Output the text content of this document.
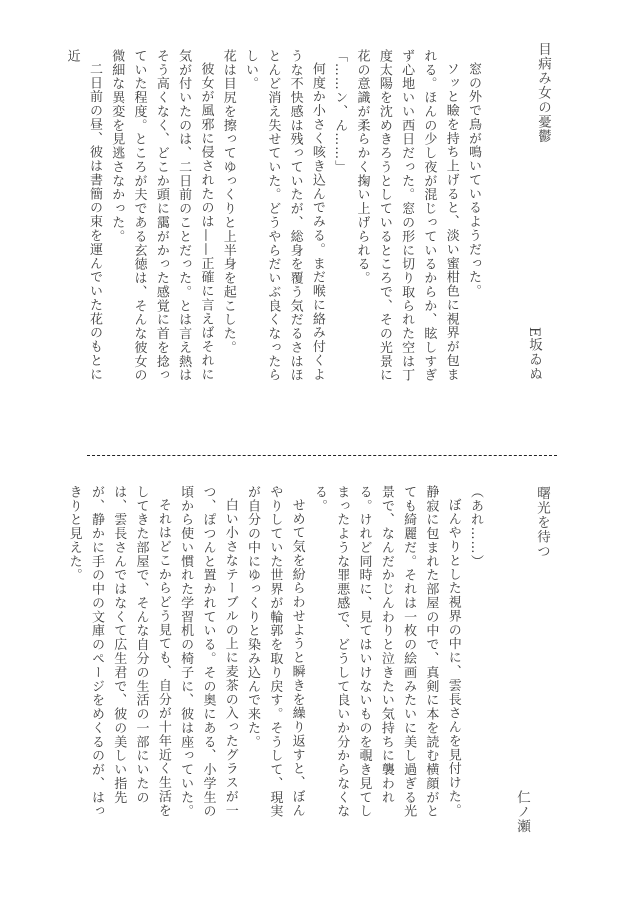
目病み女の憂鬱
E坂ゐぬ

窓の外で鳥が鳴いているようだった。

ソッと瞼を持ち上げると、淡い蜜柑色に視界が包まれる。ほんの少し夜が混じっているからか、眩しすぎず心地いい西日だった。窓の形に切り取られた空は丁度太陽を沈めきろうとしているところで、その光景に花の意識が柔らかく掬い上げられる。

「……ン、ん……」

何度か小さく咳き込んでみる。まだ喉に絡み付くような不快感は残っていたが、総身を覆う気だるさはほとんど消え失せていた。どうやらだいぶ良くなったらしい。

花は目尻を擦ってゆっくりと上半身を起こした。

彼女が風邪に侵されたのは——正確に言えばそれに気が付いたのは、二日前のことだった。とは言え熱はそう高くなく、どこか頭に靄がかった感覚に首を捻っていた程度。ところが夫である玄徳は、そんな彼女の微細な異変を見逃さなかった。

二日前の昼、彼は書簡の束を運んでいた花のもとに近

曙光を待つ
仁ノ瀬

（あれ……）

ぼんやりとした視界の中に、雲長さんを見付けた。

静寂に包まれた部屋の中で、真剣に本を読む横顔がとても綺麗だ。それは一枚の絵画みたいに美し過ぎる光景で、なんだかじんわりと泣きたい気持ちに襲われる。けれど同時に、見てはいけないものを覗き見てしまったような罪悪感で、どうして良いか分からなくなる。

せめて気を紛らわせようと瞬きを繰り返すと、ぼんやりしていた世界が輪郭を取り戻す。そうして、現実が自分の中にゆっくりと染み込んで来た。

白い小さなテーブルの上に麦茶の入ったグラスが一つ、ぽつんと置かれている。その奥にある、小学生の頃から使い慣れた学習机の椅子に、彼は座っていた。

それはどこからどう見ても、自分が十年近く生活をしてきた部屋で、そんな自分の生活の一部にいたのは、雲長さんではなくて広生君で、彼の美しい指先が、静かに手の中の文庫のページをめくるのが、はっきりと見えた。
